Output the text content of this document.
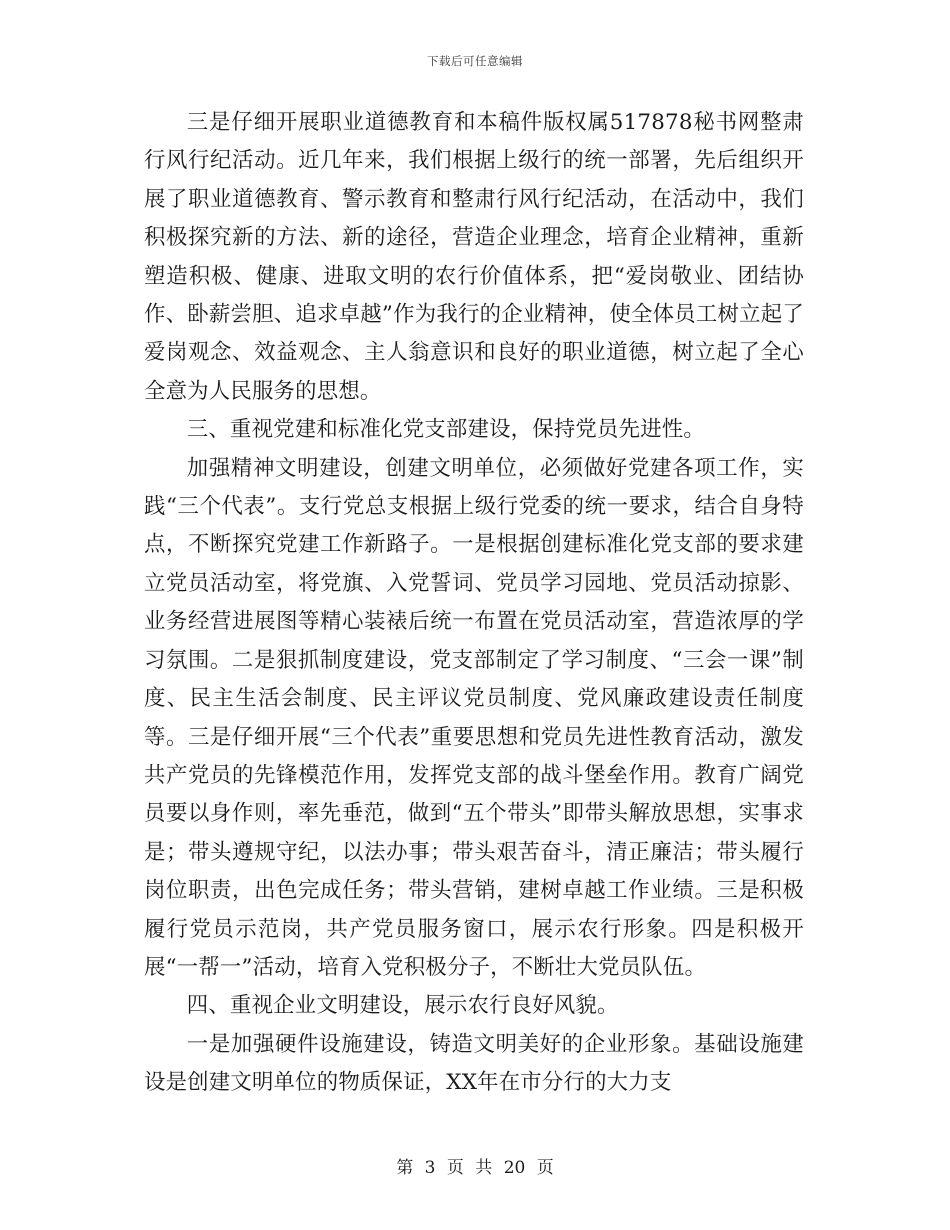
下载后可任意编辑

三是仔细开展职业道德教育和本稿件版权属517878秘书网整肃行风行纪活动。近几年来，我们根据上级行的统一部署，先后组织开展了职业道德教育、警示教育和整肃行风行纪活动，在活动中，我们积极探究新的方法、新的途径，营造企业理念，培育企业精神，重新塑造积极、健康、进取文明的农行价值体系，把“爱岗敬业、团结协作、卧薪尝胆、追求卓越”作为我行的企业精神，使全体员工树立起了爱岗观念、效益观念、主人翁意识和良好的职业道德，树立起了全心全意为人民服务的思想。

三、重视党建和标准化党支部建设，保持党员先进性。

加强精神文明建设，创建文明单位，必须做好党建各项工作，实践“三个代表”。支行党总支根据上级行党委的统一要求，结合自身特点，不断探究党建工作新路子。一是根据创建标准化党支部的要求建立党员活动室，将党旗、入党誓词、党员学习园地、党员活动掠影、业务经营进展图等精心装裱后统一布置在党员活动室，营造浓厚的学习氛围。二是狠抓制度建设，党支部制定了学习制度、“三会一课”制度、民主生活会制度、民主评议党员制度、党风廉政建设责任制度等。三是仔细开展“三个代表”重要思想和党员先进性教育活动，激发共产党员的先锋模范作用，发挥党支部的战斗堡垒作用。教育广阔党员要以身作则，率先垂范，做到“五个带头”即带头解放思想，实事求是；带头遵规守纪，以法办事；带头艰苦奋斗，清正廉洁；带头履行岗位职责，出色完成任务；带头营销，建树卓越工作业绩。三是积极履行党员示范岗，共产党员服务窗口，展示农行形象。四是积极开展“一帮一”活动，培育入党积极分子，不断壮大党员队伍。

四、重视企业文明建设，展示农行良好风貌。

一是加强硬件设施建设，铸造文明美好的企业形象。基础设施建设是创建文明单位的物质保证，XX年在市分行的大力支

第 3 页 共 20 页
